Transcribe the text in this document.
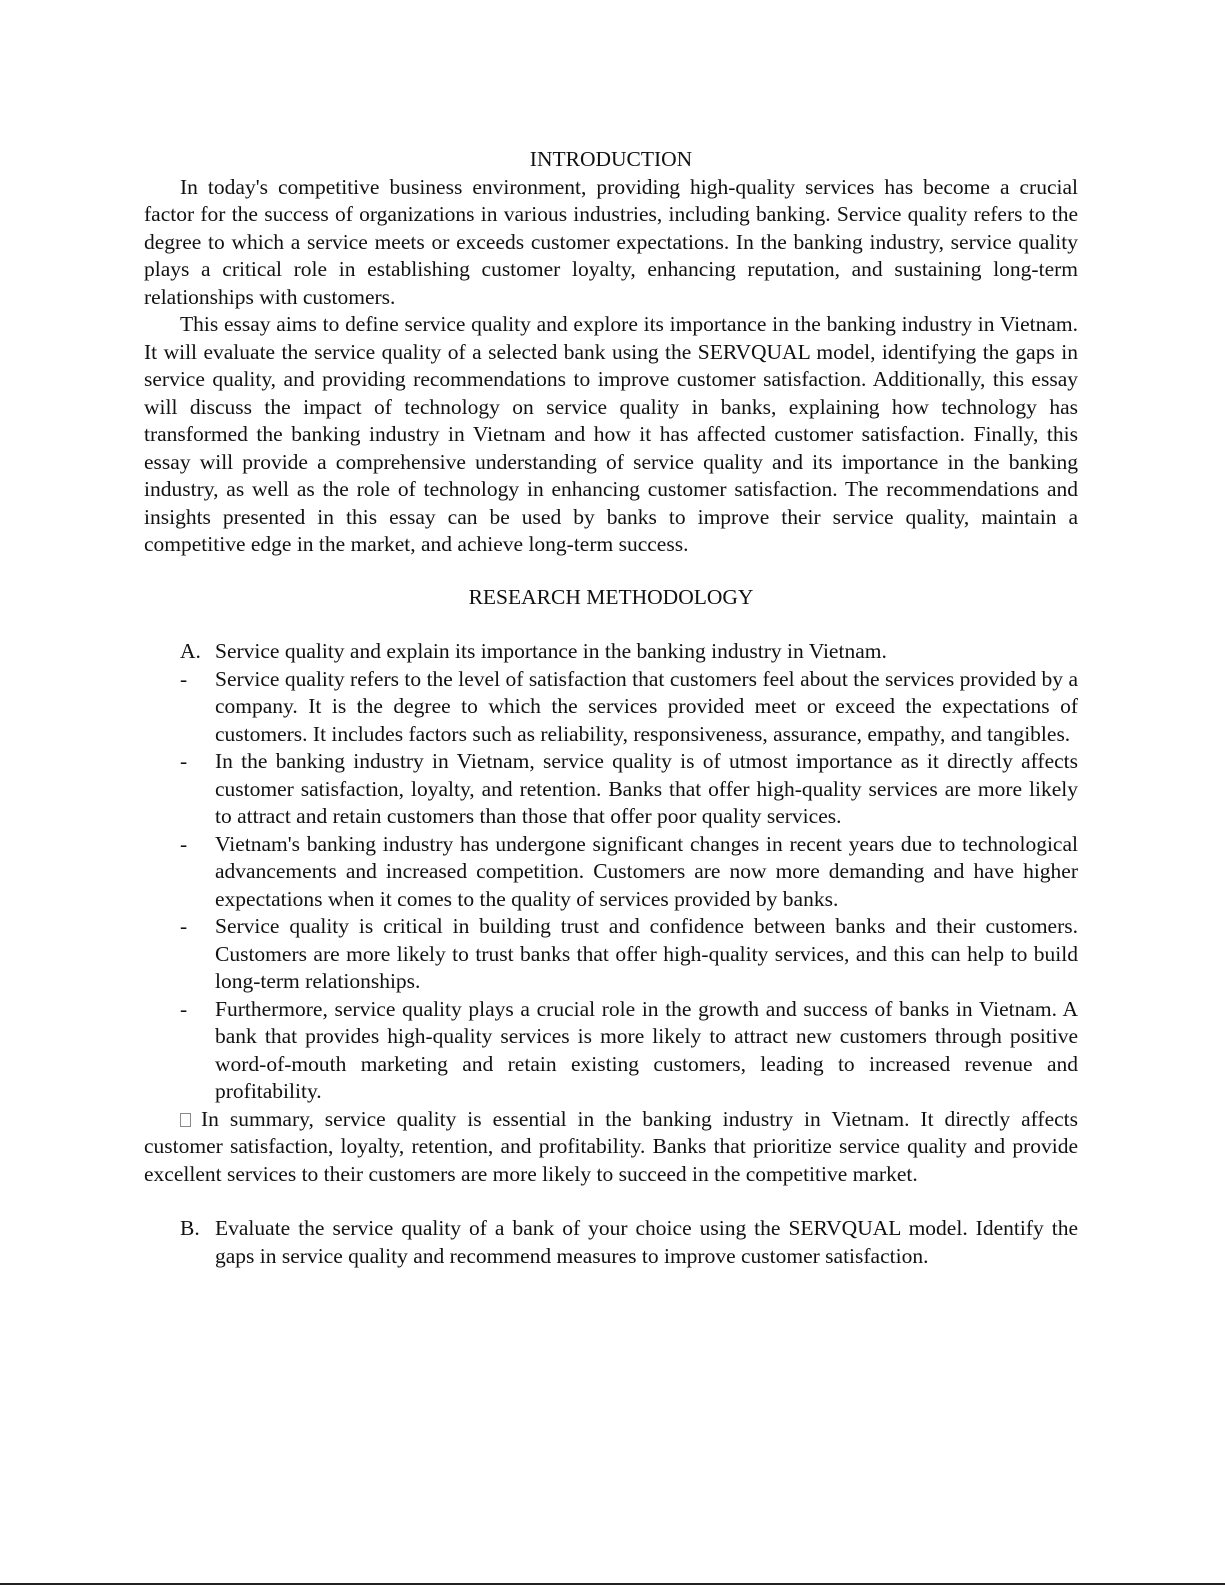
INTRODUCTION

In today's competitive business environment, providing high-quality services has become a crucial factor for the success of organizations in various industries, including banking. Service quality refers to the degree to which a service meets or exceeds customer expectations. In the banking industry, service quality plays a critical role in establishing customer loyalty, enhancing reputation, and sustaining long-term relationships with customers.

This essay aims to define service quality and explore its importance in the banking industry in Vietnam. It will evaluate the service quality of a selected bank using the SERVQUAL model, identifying the gaps in service quality, and providing recommendations to improve customer satisfaction. Additionally, this essay will discuss the impact of technology on service quality in banks, explaining how technology has transformed the banking industry in Vietnam and how it has affected customer satisfaction. Finally, this essay will provide a comprehensive understanding of service quality and its importance in the banking industry, as well as the role of technology in enhancing customer satisfaction. The recommendations and insights presented in this essay can be used by banks to improve their service quality, maintain a competitive edge in the market, and achieve long-term success.

RESEARCH METHODOLOGY
A. Service quality and explain its importance in the banking industry in Vietnam.
- Service quality refers to the level of satisfaction that customers feel about the services provided by a company. It is the degree to which the services provided meet or exceed the expectations of customers. It includes factors such as reliability, responsiveness, assurance, empathy, and tangibles.
- In the banking industry in Vietnam, service quality is of utmost importance as it directly affects customer satisfaction, loyalty, and retention. Banks that offer high-quality services are more likely to attract and retain customers than those that offer poor quality services.
- Vietnam's banking industry has undergone significant changes in recent years due to technological advancements and increased competition. Customers are now more demanding and have higher expectations when it comes to the quality of services provided by banks.
- Service quality is critical in building trust and confidence between banks and their customers. Customers are more likely to trust banks that offer high-quality services, and this can help to build long-term relationships.
- Furthermore, service quality plays a crucial role in the growth and success of banks in Vietnam. A bank that provides high-quality services is more likely to attract new customers through positive word-of-mouth marketing and retain existing customers, leading to increased revenue and profitability.

In summary, service quality is essential in the banking industry in Vietnam. It directly affects customer satisfaction, loyalty, retention, and profitability. Banks that prioritize service quality and provide excellent services to their customers are more likely to succeed in the competitive market.

B. Evaluate the service quality of a bank of your choice using the SERVQUAL model. Identify the gaps in service quality and recommend measures to improve customer satisfaction.
